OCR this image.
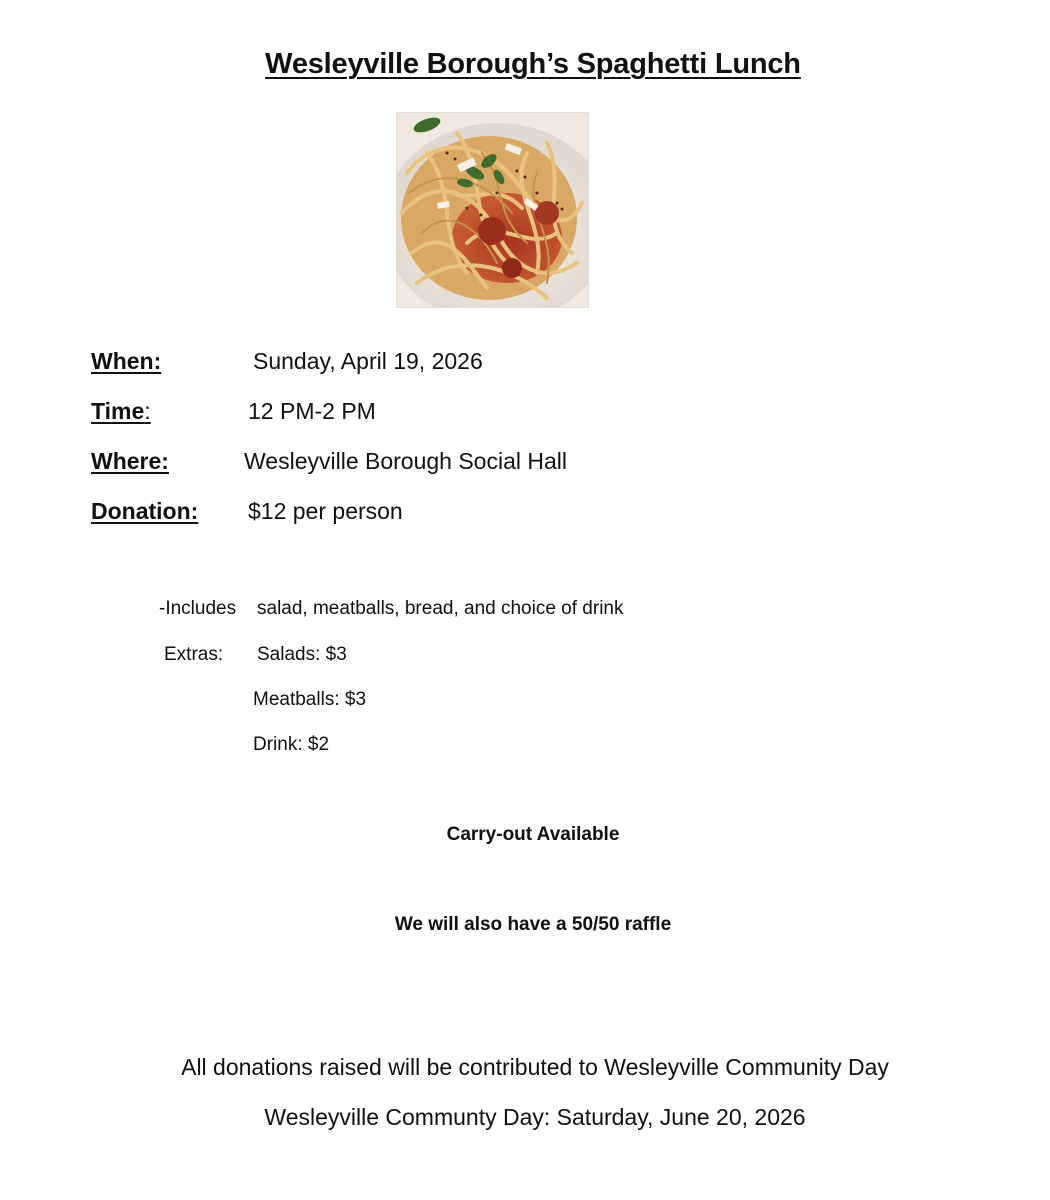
Wesleyville Borough’s Spaghetti Lunch
When:	Sunday, April 19, 2026
Time:	12 PM-2 PM
Where:	Wesleyville Borough Social Hall
Donation: $12 per person
-Includes salad, meatballs, bread, and choice of drink
Extras: Salads: $3
Meatballs: $3
Drink: $2
Carry-out Available
We will also have a 50/50 raffle
All donations raised will be contributed to Wesleyville Community Day
Wesleyville Communty Day: Saturday, June 20, 2026
